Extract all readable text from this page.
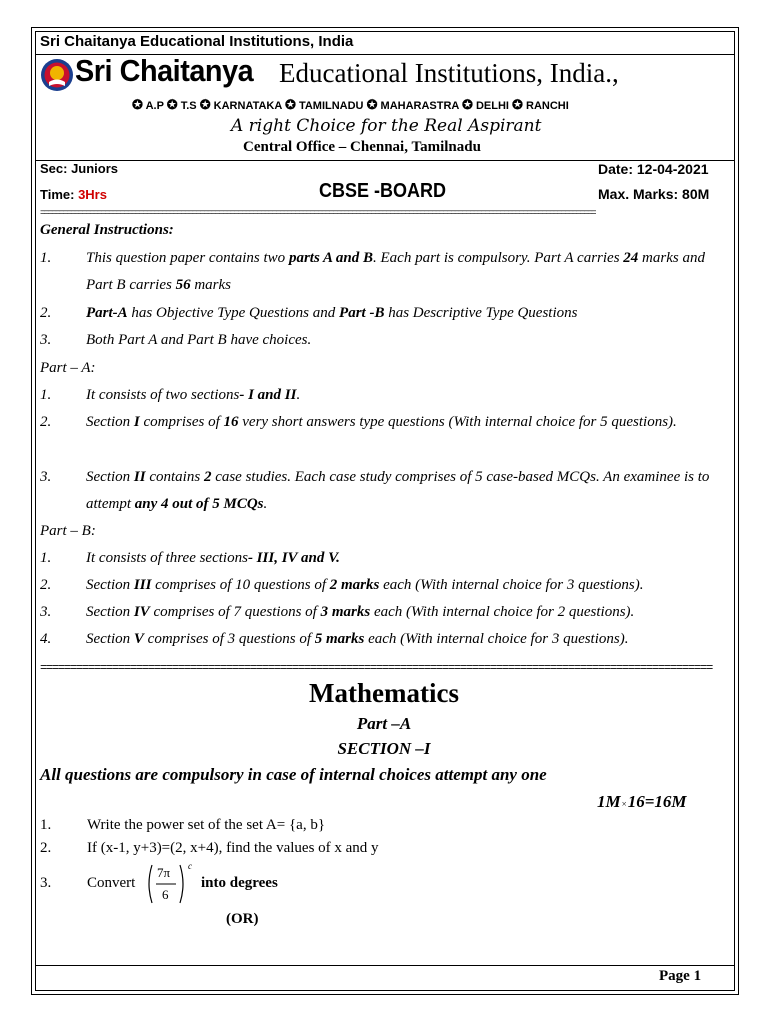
Sri Chaitanya Educational Institutions, India
Sri Chaitanya Educational Institutions, India.,
✪ A.P ✪ T.S ✪ KARNATAKA ✪ TAMILNADU ✪ MAHARASTRA ✪ DELHI ✪ RANCHI
A right Choice for the Real Aspirant
Central Office – Chennai, Tamilnadu
Sec: Juniors	Date: 12-04-2021
Time: 3Hrs	CBSE -BOARD	Max. Marks: 80M
==================================================================================================================================================
General Instructions:
1. This question paper contains two parts A and B. Each part is compulsory. Part A carries 24 marks and Part B carries 56 marks
2. Part-A has Objective Type Questions and Part -B has Descriptive Type Questions
3. Both Part A and Part B have choices.
Part – A:
1. It consists of two sections- I and II.
2. Section I comprises of 16 very short answers type questions (With internal choice for 5 questions).
3. Section II contains 2 case studies. Each case study comprises of 5 case-based MCQs. An examinee is to attempt any 4 out of 5 MCQs.
Part – B:
1. It consists of three sections- III, IV and V.
2. Section III comprises of 10 questions of 2 marks each (With internal choice for 3 questions).
3. Section IV comprises of 7 questions of 3 marks each (With internal choice for 2 questions).
4. Section V comprises of 3 questions of 5 marks each (With internal choice for 3 questions).
================================================================================================================
Mathematics
Part –A
SECTION –I
All questions are compulsory in case of internal choices attempt any one
1M×16=16M
1. Write the power set of the set A= {a, b}
2. If (x-1, y+3)=(2, x+4), find the values of x and y
3. Convert
7π
6
c
into degrees
(OR)
Page 1
